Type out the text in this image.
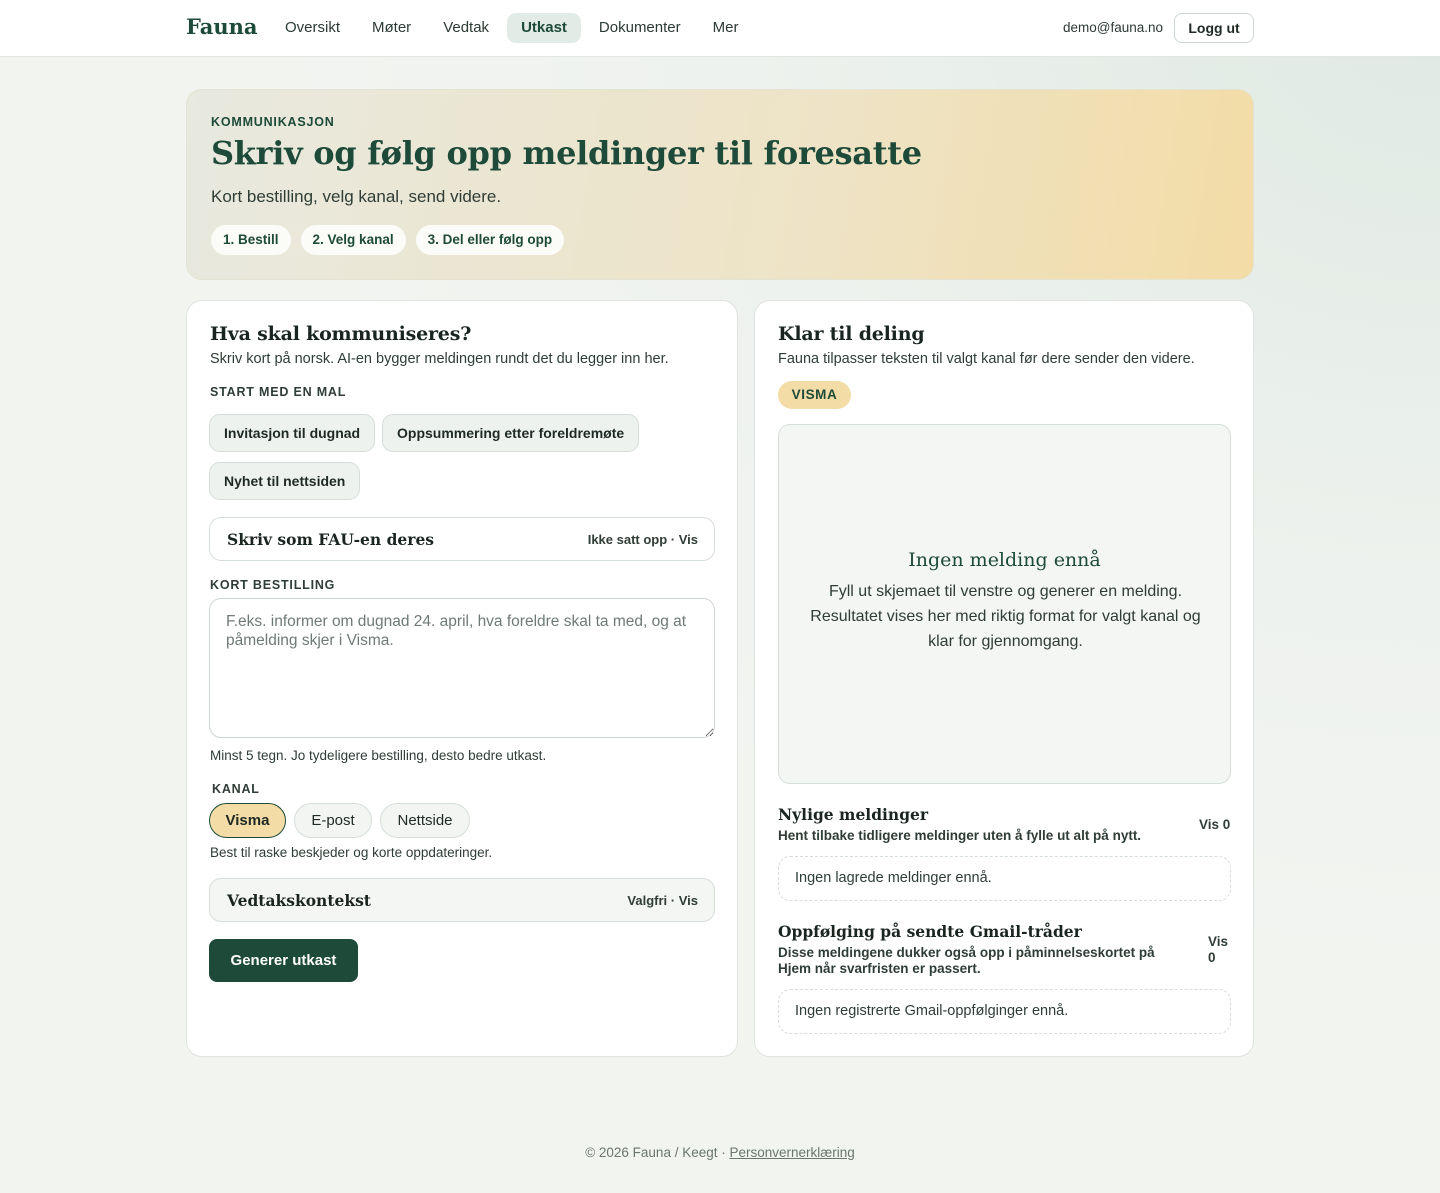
Fauna	Oversikt	Møter	Vedtak	Utkast	Dokumenter	Mer	demo@fauna.no	Logg ut
KOMMUNIKASJON
Skriv og følg opp meldinger til foresatte
Kort bestilling, velg kanal, send videre.
1. Bestill	2. Velg kanal	3. Del eller følg opp
Hva skal kommuniseres?
Skriv kort på norsk. AI-en bygger meldingen rundt det du legger inn her.
START MED EN MAL
Invitasjon til dugnad	Oppsummering etter foreldremøte
Nyhet til nettsiden
Skriv som FAU-en deres	Ikke satt opp · Vis
KORT BESTILLING
F.eks. informer om dugnad 24. april, hva foreldre skal ta med, og at påmelding skjer i Visma.
Minst 5 tegn. Jo tydeligere bestilling, desto bedre utkast.
KANAL
Visma	E-post	Nettside
Best til raske beskjeder og korte oppdateringer.
Vedtakskontekst	Valgfri · Vis
Generer utkast
Klar til deling
Fauna tilpasser teksten til valgt kanal før dere sender den videre.
VISMA
Ingen melding ennå
Fyll ut skjemaet til venstre og generer en melding. Resultatet vises her med riktig format for valgt kanal og klar for gjennomgang.
Nylige meldinger
Hent tilbake tidligere meldinger uten å fylle ut alt på nytt.
Vis 0
Ingen lagrede meldinger ennå.
Oppfølging på sendte Gmail-tråder
Disse meldingene dukker også opp i påminnelseskortet på Hjem når svarfristen er passert.
Vis 0
Ingen registrerte Gmail-oppfølginger ennå.
© 2026 Fauna / Keegt · Personvernerklæring
